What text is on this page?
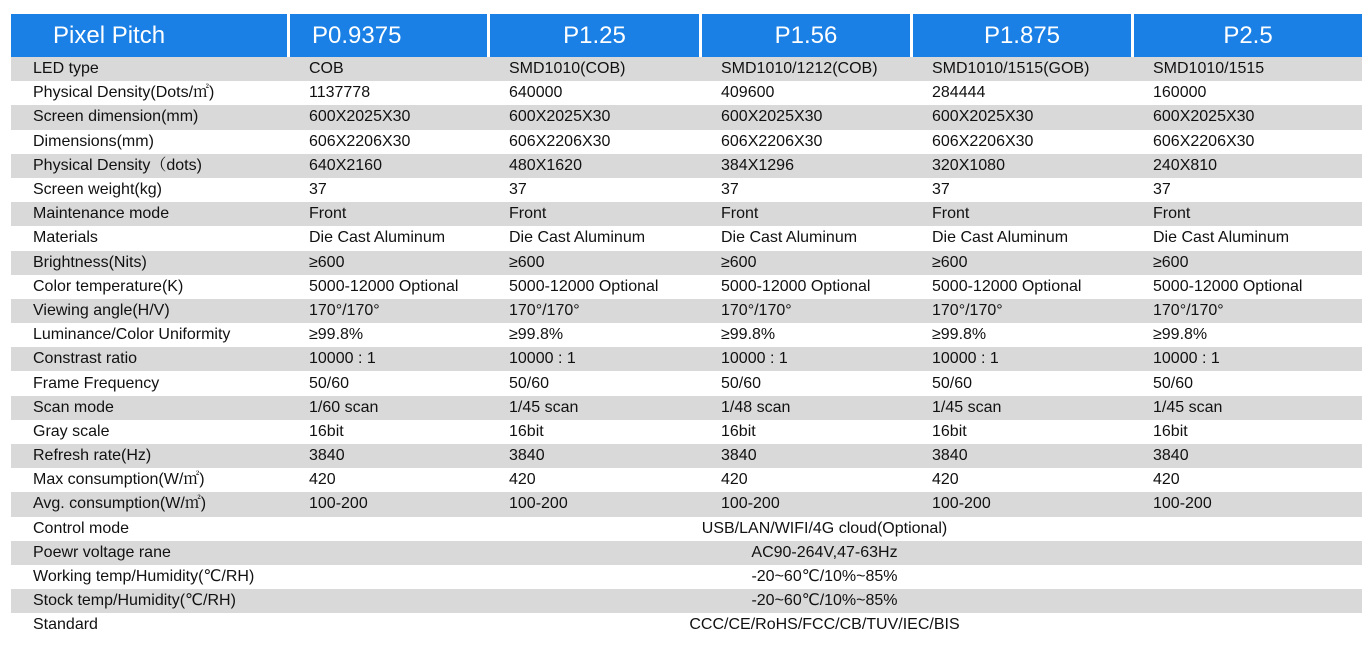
Pixel Pitch	P0.9375	P1.25	P1.56	P1.875	P2.5
LED type	COB	SMD1010(COB)	SMD1010/1212(COB)	SMD1010/1515(GOB)	SMD1010/1515
Physical Density(Dots/㎡)	1137778	640000	409600	284444	160000
Screen dimension(mm)	600X2025X30	600X2025X30	600X2025X30	600X2025X30	600X2025X30
Dimensions(mm)	606X2206X30	606X2206X30	606X2206X30	606X2206X30	606X2206X30
Physical Density（dots)	640X2160	480X1620	384X1296	320X1080	240X810
Screen weight(kg)	37	37	37	37	37
Maintenance mode	Front	Front	Front	Front	Front
Materials	Die Cast Aluminum	Die Cast Aluminum	Die Cast Aluminum	Die Cast Aluminum	Die Cast Aluminum
Brightness(Nits)	≥600	≥600	≥600	≥600	≥600
Color temperature(K)	5000-12000 Optional	5000-12000 Optional	5000-12000 Optional	5000-12000 Optional	5000-12000 Optional
Viewing angle(H/V)	170°/170°	170°/170°	170°/170°	170°/170°	170°/170°
Luminance/Color Uniformity	≥99.8%	≥99.8%	≥99.8%	≥99.8%	≥99.8%
Constrast ratio	10000 : 1	10000 : 1	10000 : 1	10000 : 1	10000 : 1
Frame Frequency	50/60	50/60	50/60	50/60	50/60
Scan mode	1/60 scan	1/45 scan	1/48 scan	1/45 scan	1/45 scan
Gray scale	16bit	16bit	16bit	16bit	16bit
Refresh rate(Hz)	3840	3840	3840	3840	3840
Max consumption(W/㎡)	420	420	420	420	420
Avg. consumption(W/㎡)	100-200	100-200	100-200	100-200	100-200
Control mode	USB/LAN/WIFI/4G cloud(Optional)				
Poewr voltage rane	AC90-264V,47-63Hz				
Working temp/Humidity(℃/RH)	-20~60℃/10%~85%				
Stock temp/Humidity(℃/RH)	-20~60℃/10%~85%				
Standard	CCC/CE/RoHS/FCC/CB/TUV/IEC/BIS				
